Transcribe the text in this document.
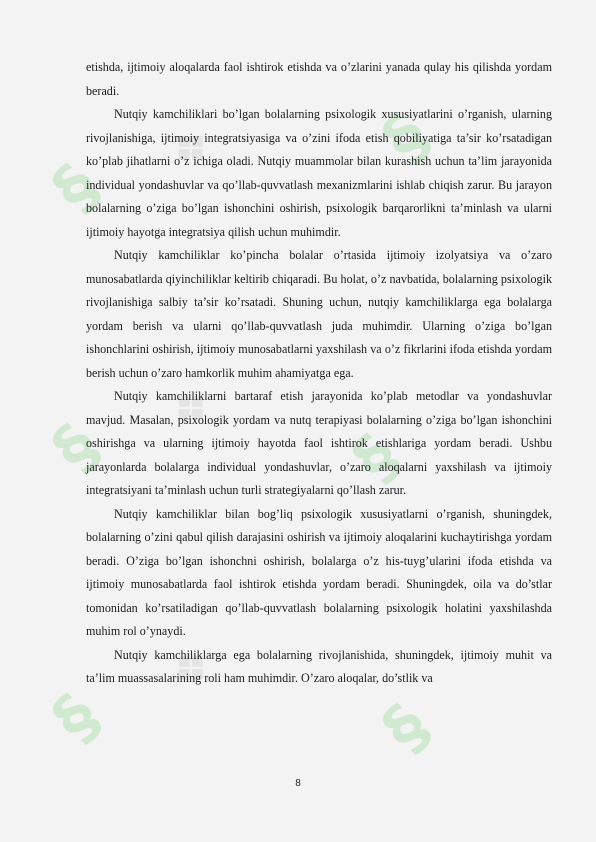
§
§
§	§
§	§
❖
❖
❖

etishda, ijtimoiy aloqalarda faol ishtirok etishda va o’zlarini yanada qulay his qilishda yordam beradi.

Nutqiy kamchiliklari bo’lgan bolalarning psixologik xususiyatlarini o’rganish, ularning rivojlanishiga, ijtimoiy integratsiyasiga va o’zini ifoda etish qobiliyatiga ta’sir ko’rsatadigan ko’plab jihatlarni o’z ichiga oladi. Nutqiy muammolar bilan kurashish uchun ta’lim jarayonida individual yondashuvlar va qo’llab-quvvatlash mexanizmlarini ishlab chiqish zarur. Bu jarayon bolalarning o’ziga bo’lgan ishonchini oshirish, psixologik barqarorlikni ta’minlash va ularni ijtimoiy hayotga integratsiya qilish uchun muhimdir.

Nutqiy kamchiliklar ko’pincha bolalar o’rtasida ijtimoiy izolyatsiya va o’zaro munosabatlarda qiyinchiliklar keltirib chiqaradi. Bu holat, o’z navbatida, bolalarning psixologik rivojlanishiga salbiy ta’sir ko’rsatadi. Shuning uchun, nutqiy kamchiliklarga ega bolalarga yordam berish va ularni qo’llab-quvvatlash juda muhimdir. Ularning o’ziga bo’lgan ishonchlarini oshirish, ijtimoiy munosabatlarni yaxshilash va o’z fikrlarini ifoda etishda yordam berish uchun o’zaro hamkorlik muhim ahamiyatga ega.

Nutqiy kamchiliklarni bartaraf etish jarayonida ko’plab metodlar va yondashuvlar mavjud. Masalan, psixologik yordam va nutq terapiyasi bolalarning o’ziga bo’lgan ishonchini oshirishga va ularning ijtimoiy hayotda faol ishtirok etishlariga yordam beradi. Ushbu jarayonlarda bolalarga individual yondashuvlar, o’zaro aloqalarni yaxshilash va ijtimoiy integratsiyani ta’minlash uchun turli strategiyalarni qo’llash zarur.

Nutqiy kamchiliklar bilan bog’liq psixologik xususiyatlarni o’rganish, shuningdek, bolalarning o’zini qabul qilish darajasini oshirish va ijtimoiy aloqalarini kuchaytirishga yordam beradi. O’ziga bo’lgan ishonchni oshirish, bolalarga o’z his-tuyg’ularini ifoda etishda va ijtimoiy munosabatlarda faol ishtirok etishda yordam beradi. Shuningdek, oila va do’stlar tomonidan ko’rsatiladigan qo’llab-quvvatlash bolalarning psixologik holatini yaxshilashda muhim rol o’ynaydi.

Nutqiy kamchiliklarga ega bolalarning rivojlanishida, shuningdek, ijtimoiy muhit va ta’lim muassasalarining roli ham muhimdir. O’zaro aloqalar, do’stlik va

8
